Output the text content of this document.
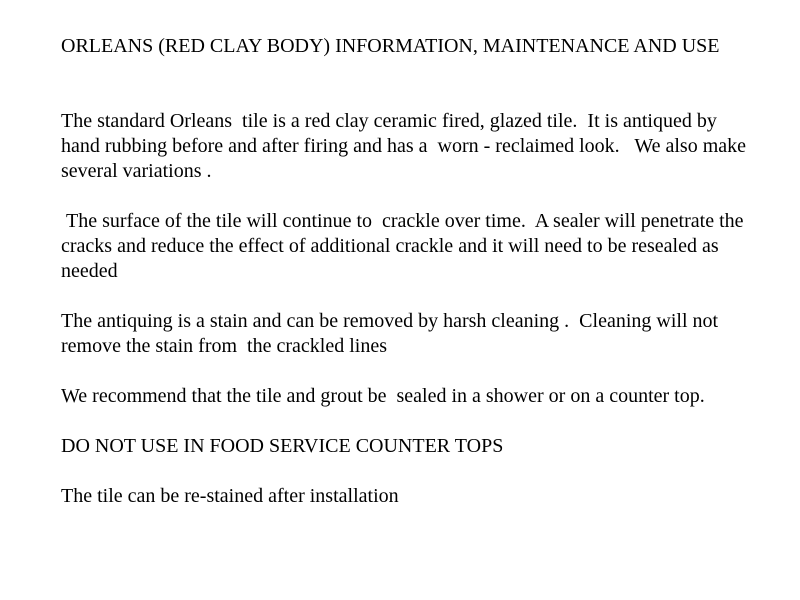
ORLEANS (RED CLAY BODY) INFORMATION, MAINTENANCE AND USE

The standard Orleans  tile is a red clay ceramic fired, glazed tile.  It is antiqued by hand rubbing before and after firing and has a  worn - reclaimed look.   We also make several variations .

The surface of the tile will continue to  crackle over time.  A sealer will penetrate the cracks and reduce the effect of additional crackle and it will need to be resealed as needed

The antiquing is a stain and can be removed by harsh cleaning .  Cleaning will not  remove the stain from  the crackled lines

We recommend that the tile and grout be  sealed in a shower or on a counter top.

DO NOT USE IN FOOD SERVICE COUNTER TOPS

The tile can be re-stained after installation
